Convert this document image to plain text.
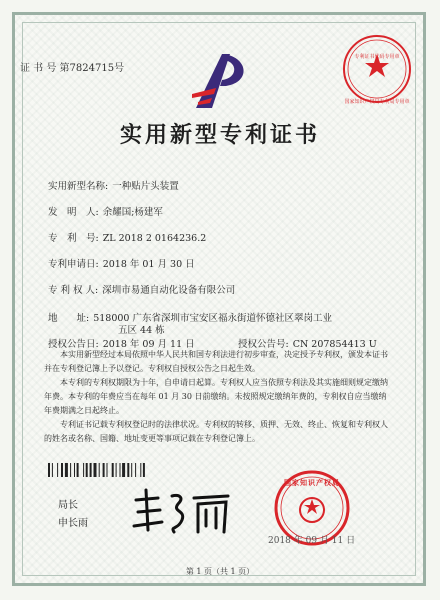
证 书 号 第7824715号
国家知识产权局专利局专用章
专利证书代码专用章
实用新型专利证书
实用新型名称: 一种贴片头装置
发　明　人: 余耀国;杨建军
专　利　号: ZL 2018 2 0164236.2
专利申请日: 2018 年 01 月 30 日
专 利 权 人: 深圳市易通自动化设备有限公司
地　　址: 518000 广东省深圳市宝安区福永街道怀德社区翠岗工业
五区 44 栋
授权公告日: 2018 年 09 月 11 日	授权公告号: CN 207854413 U

本实用新型经过本局依照中华人民共和国专利法进行初步审查，决定授予专利权，颁发本证书并在专利登记簿上予以登记。专利权自授权公告之日起生效。

本专利的专利权期限为十年，自申请日起算。专利权人应当依照专利法及其实施细则规定缴纳年费。本专利的年费应当在每年 01 月 30 日前缴纳。未按照规定缴纳年费的，专利权自应当缴纳年费期满之日起终止。

专利证书记载专利权登记时的法律状况。专利权的转移、质押、无效、终止、恢复和专利权人的姓名或名称、国籍、地址变更等事项记载在专利登记簿上。

局长
申长雨
国家知识产权局
2018 年 09 月 11 日
第 1 页（共 1 页）
